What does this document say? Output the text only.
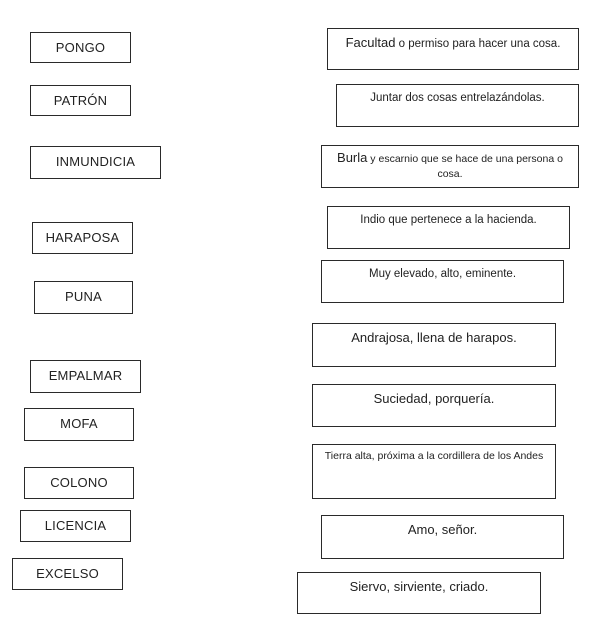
PONGO
PATRÓN
INMUNDICIA
HARAPOSA
PUNA
EMPALMAR
MOFA
COLONO
LICENCIA
EXCELSO
Facultad o permiso para hacer una cosa.
Juntar dos cosas entrelazándolas.
Burla y escarnio que se hace de una persona o cosa.
Indio que pertenece a la hacienda.
Muy elevado, alto, eminente.
Andrajosa, llena de harapos.
Suciedad, porquería.
Tierra alta, próxima a la cordillera de los Andes
Amo, señor.
Siervo, sirviente, criado.
